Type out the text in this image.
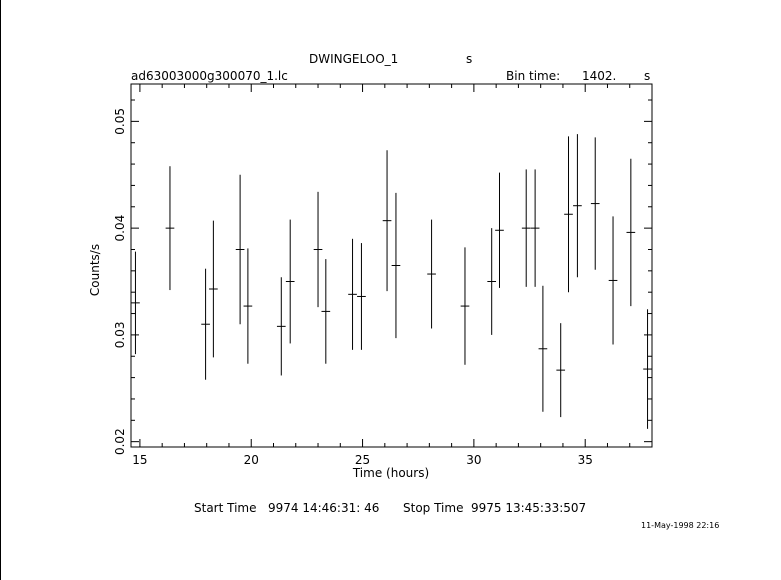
DWINGELOO_1	s
ad63003000g300070_1.lc	Bin time: 1402. s
15	20	25	30	35
0.02
0.03
0.04
0.05
Time (hours)
Counts/s
Start Time 9974 14:46:31: 46 Stop Time 9975 13:45:33:507
11-May-1998 22:16
